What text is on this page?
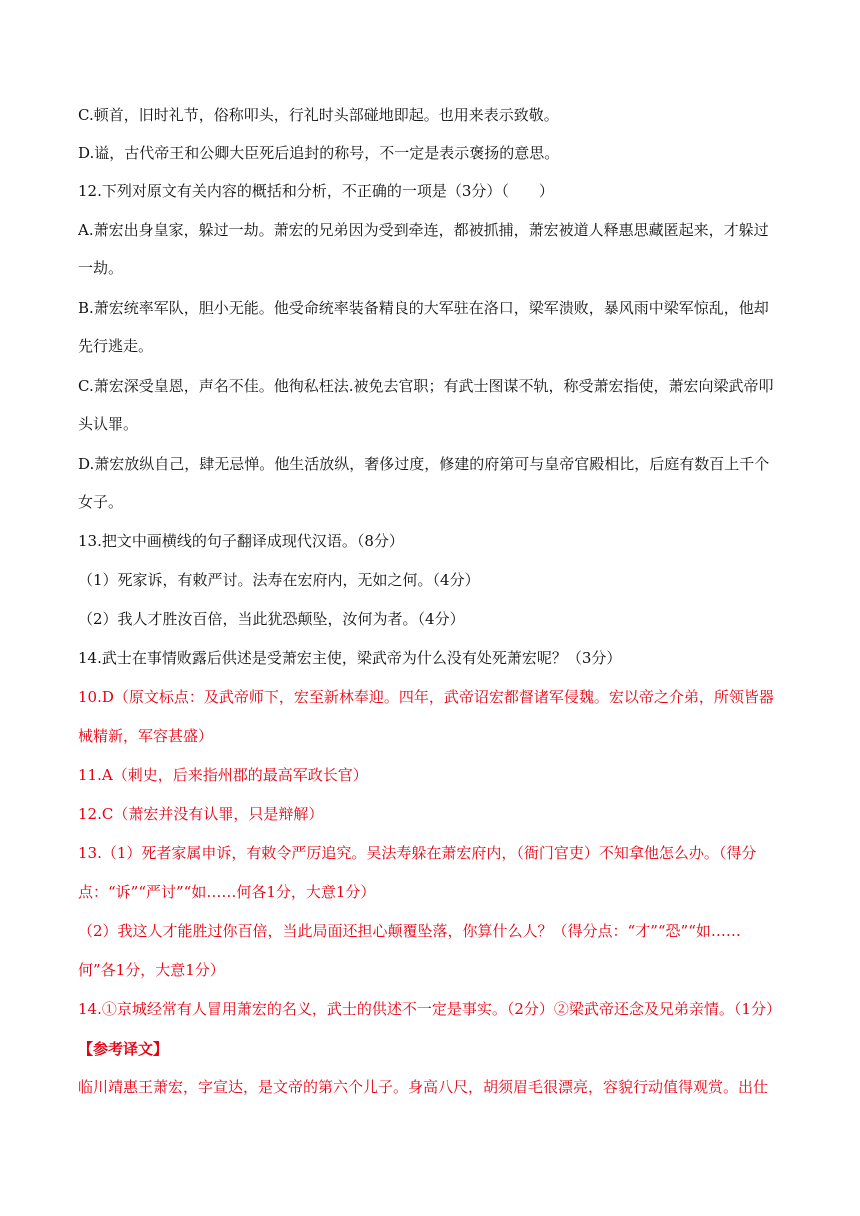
C.顿首，旧时礼节，俗称叩头，行礼时头部碰地即起。也用来表示致敬。
D.谥，古代帝王和公卿大臣死后追封的称号，不一定是表示褒扬的意思。
12.下列对原文有关内容的概括和分析，不正确的一项是（3分）（　　）
A.萧宏出身皇家，躲过一劫。萧宏的兄弟因为受到牵连，都被抓捕，萧宏被道人释惠思藏匿起来，才躲过
一劫。
B.萧宏统率军队，胆小无能。他受命统率装备精良的大军驻在洛口，梁军溃败，暴风雨中梁军惊乱，他却
先行逃走。
C.萧宏深受皇恩，声名不佳。他徇私枉法.被免去官职；有武士图谋不轨，称受萧宏指使，萧宏向梁武帝叩
头认罪。
D.萧宏放纵自己，肆无忌惮。他生活放纵，奢侈过度，修建的府第可与皇帝官殿相比，后庭有数百上千个
女子。
13.把文中画横线的句子翻译成现代汉语。（8分）
（1）死家诉，有敕严讨。法寿在宏府内，无如之何。（4分）
（2）我人才胜汝百倍，当此犹恐颠坠，汝何为者。（4分）
14.武士在事情败露后供述是受萧宏主使，梁武帝为什么没有处死萧宏呢？（3分）
10.D（原文标点：及武帝师下，宏至新林奉迎。四年，武帝诏宏都督诸军侵魏。宏以帝之介弟，所领皆器
械精新，军容甚盛）
11.A（刺史，后来指州郡的最高军政长官）
12.C（萧宏并没有认罪，只是辩解）
13.（1）死者家属申诉，有敕令严厉追究。吴法寿躲在萧宏府内，（衙门官吏）不知拿他怎么办。（得分
点：“诉”“严讨”“如……何各1分，大意1分）
（2）我这人才能胜过你百倍，当此局面还担心颠覆坠落，你算什么人？（得分点：“才”“恐”“如……
何”各1分，大意1分）
14.①京城经常有人冒用萧宏的名义，武士的供述不一定是事实。（2分）②梁武帝还念及兄弟亲情。（1分）
【参考译文】
临川靖惠王萧宏，字宣达，是文帝的第六个儿子。身高八尺，胡须眉毛很漂亮，容貌行动值得观赏。出仕
